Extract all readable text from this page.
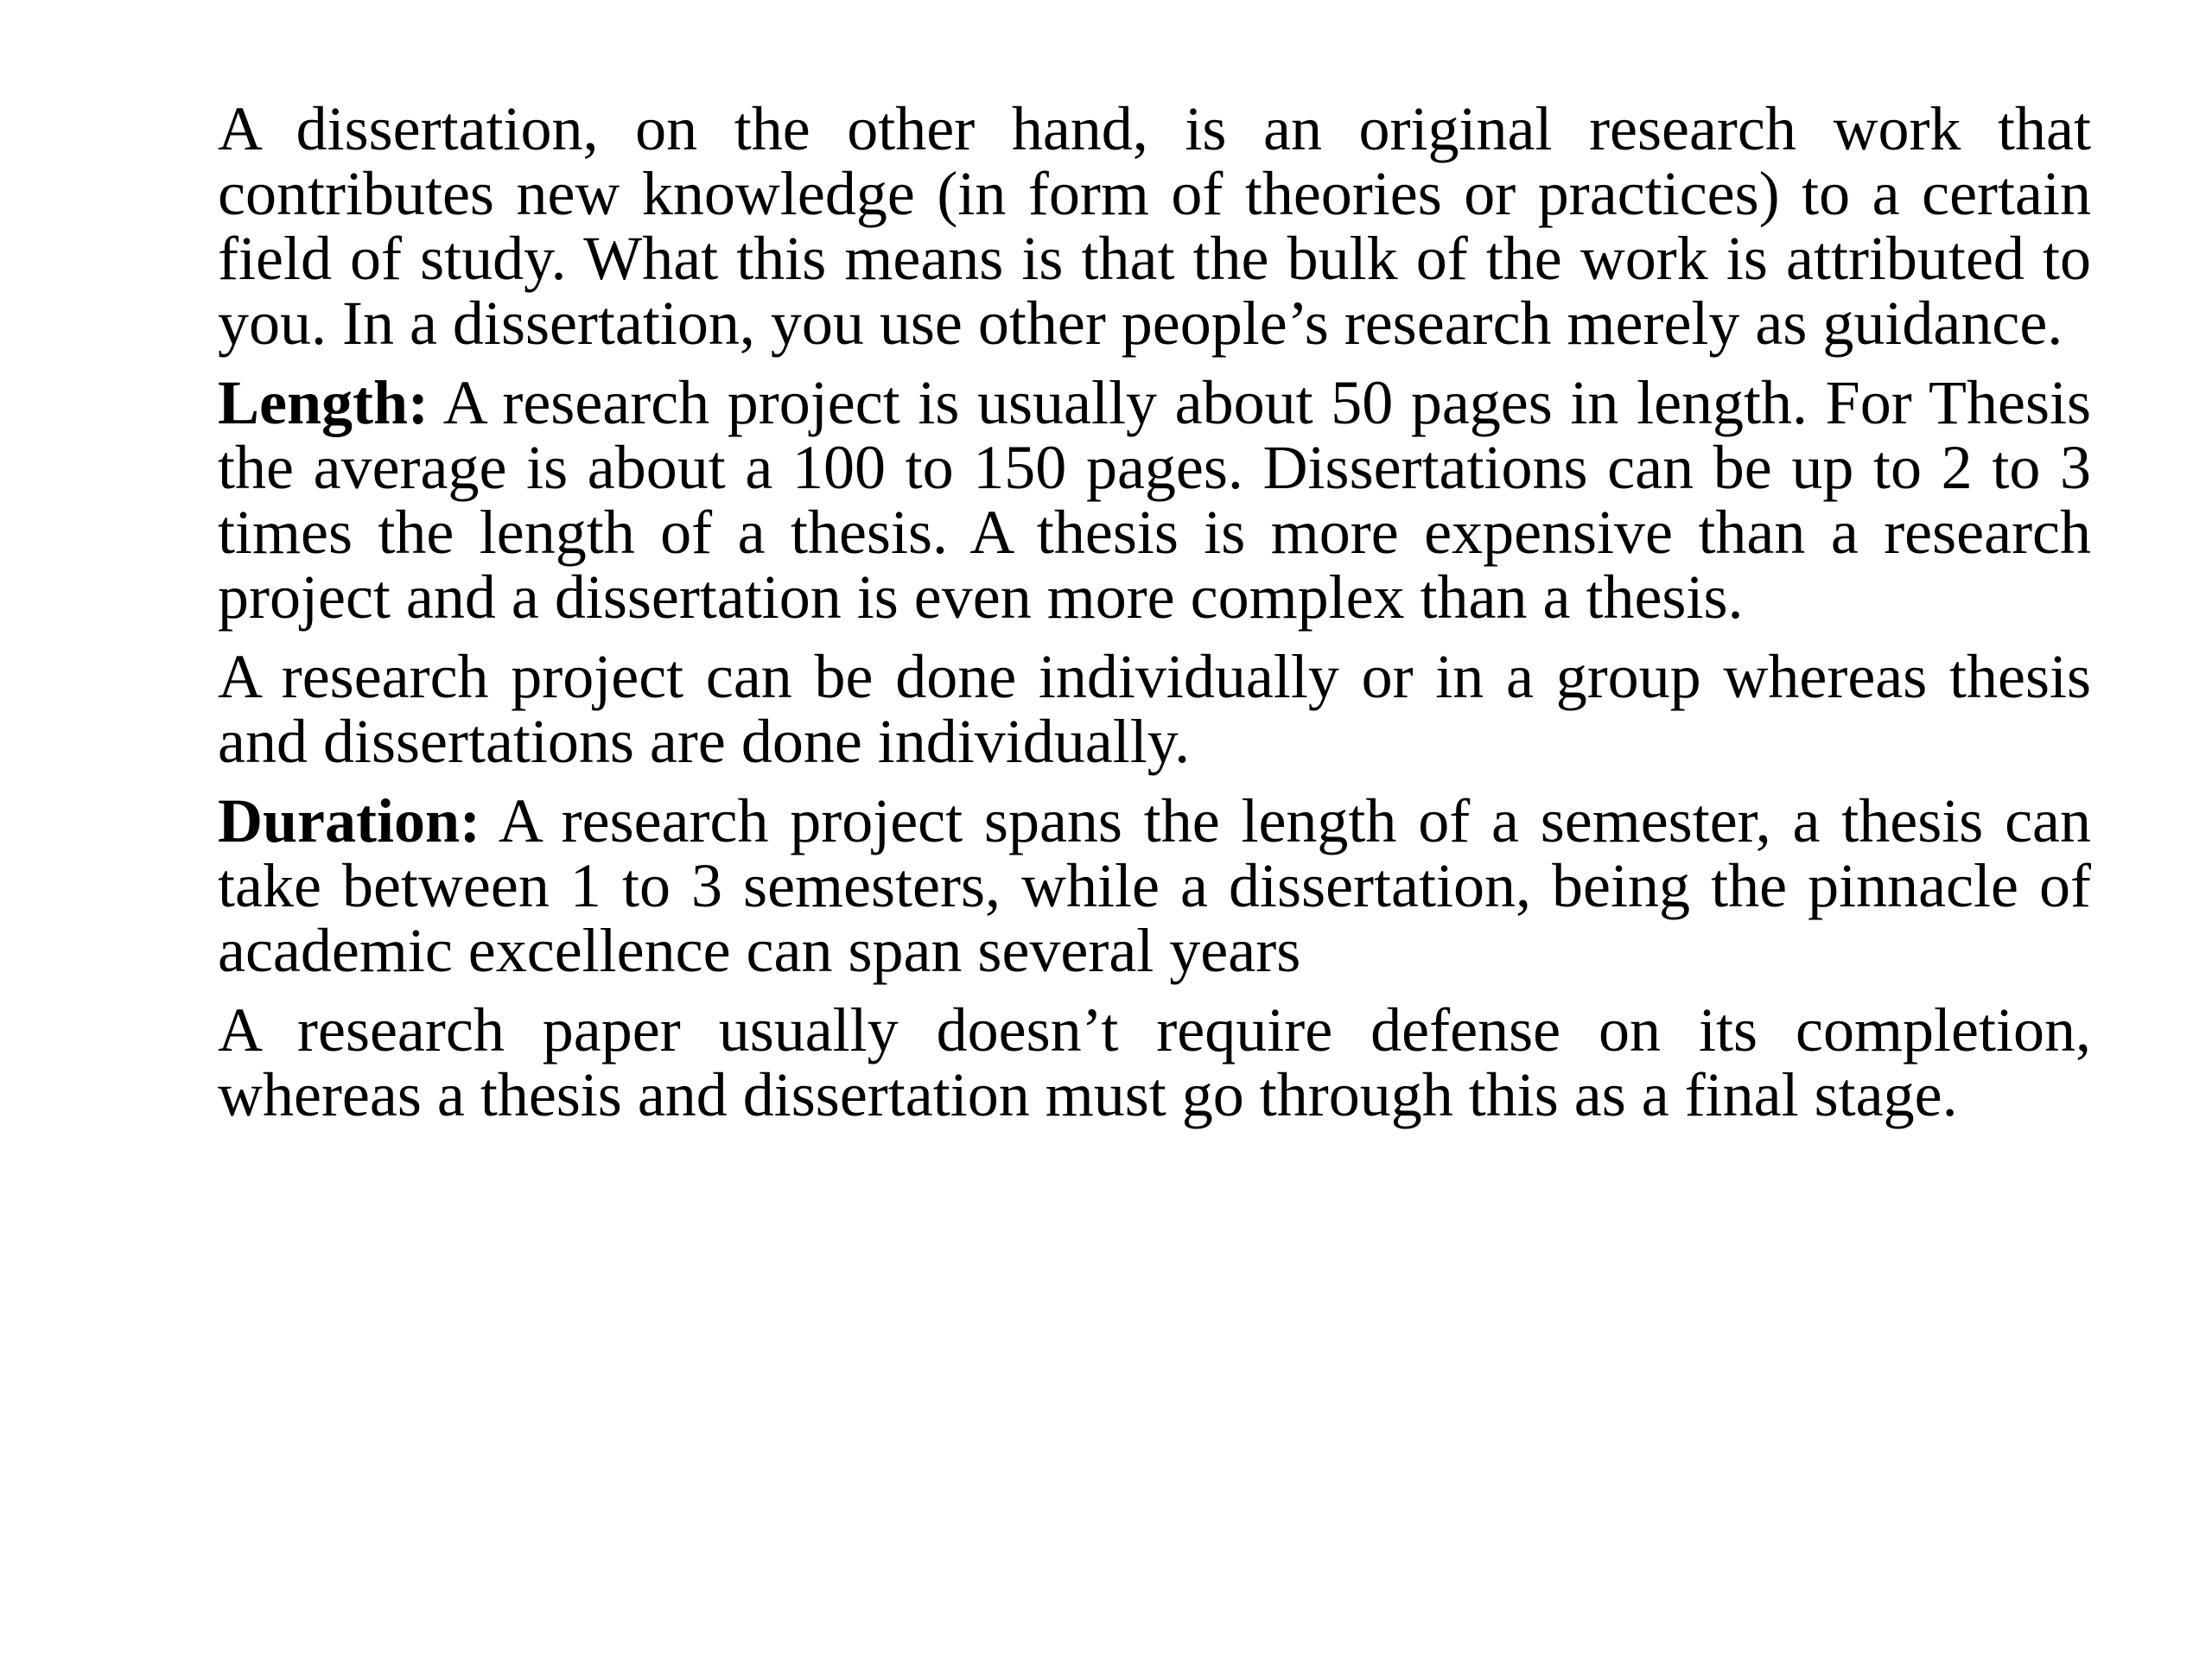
A dissertation, on the other hand, is an original research work that contributes new knowledge (in form of theories or practices) to a certain field of study. What this means is that the bulk of the work is attributed to you. In a dissertation, you use other people’s research merely as guidance.

Length: A research project is usually about 50 pages in length. For Thesis the average is about a 100 to 150 pages. Dissertations can be up to 2 to 3 times the length of a thesis. A thesis is more expensive than a research project and a dissertation is even more complex than a thesis.

A research project can be done individually or in a group whereas thesis and dissertations are done individually.

Duration: A research project spans the length of a semester, a thesis can take between 1 to 3 semesters, while a dissertation, being the pinnacle of academic excellence can span several years

A research paper usually doesn’t require defense on its completion, whereas a thesis and dissertation must go through this as a final stage.
